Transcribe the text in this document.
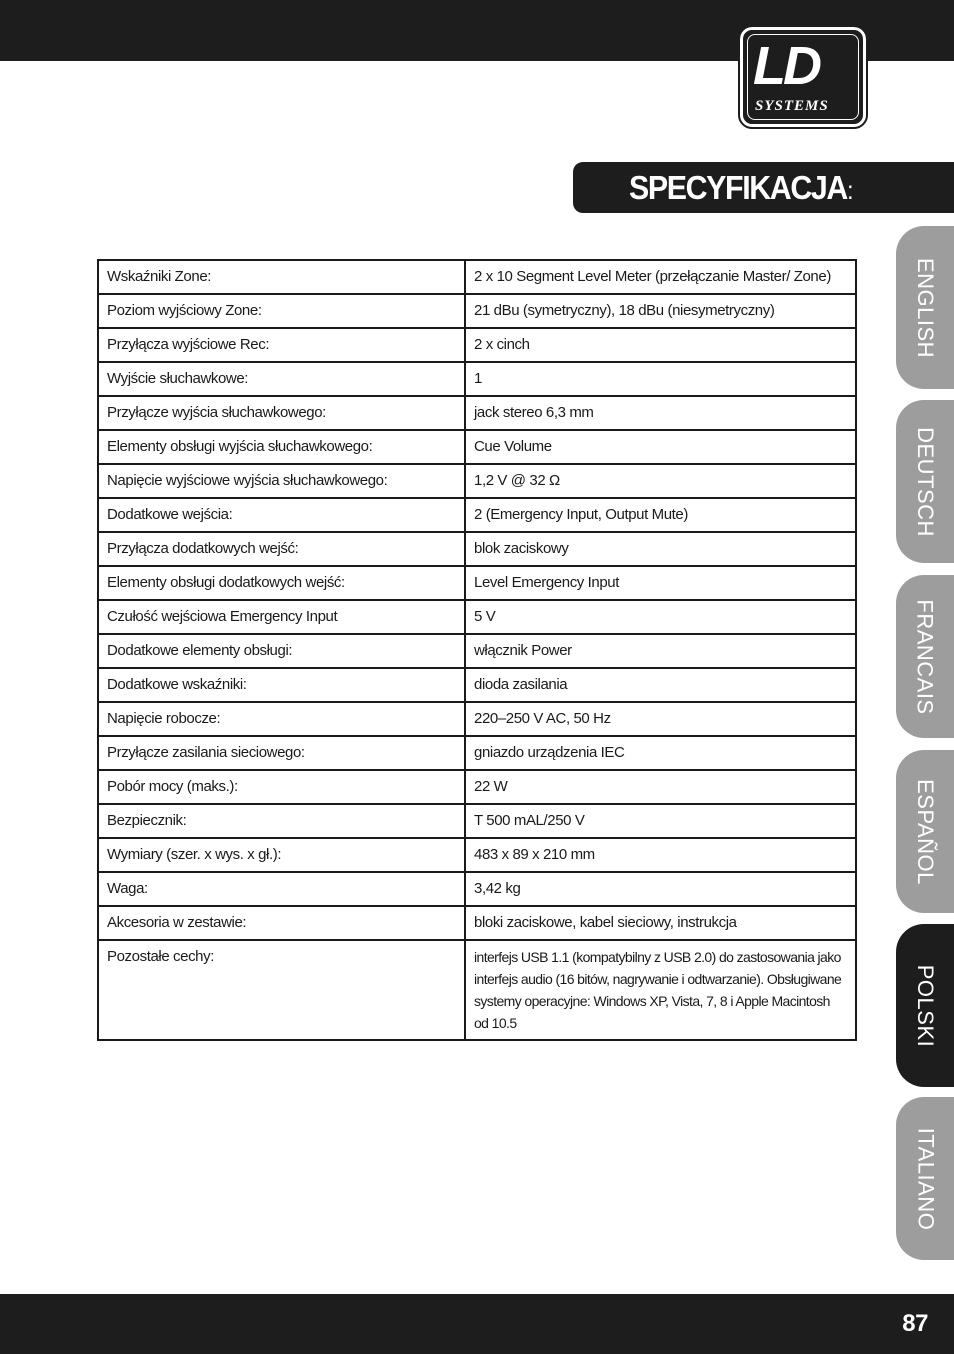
LD
SYSTEMS
SPECYFIKACJA:
ENGLISH
DEUTSCH
FRANCAIS
ESPAÑOL
POLSKI
ITALIANO
Wskaźniki Zone:	2 x 10 Segment Level Meter (przełączanie Master/ Zone)
Poziom wyjściowy Zone:	21 dBu (symetryczny), 18 dBu (niesymetryczny)
Przyłącza wyjściowe Rec:	2 x cinch
Wyjście słuchawkowe:	1
Przyłącze wyjścia słuchawkowego:	jack stereo 6,3 mm
Elementy obsługi wyjścia słuchawkowego:	Cue Volume
Napięcie wyjściowe wyjścia słuchawkowego:	1,2 V @ 32 Ω
Dodatkowe wejścia:	2 (Emergency Input, Output Mute)
Przyłącza dodatkowych wejść:	blok zaciskowy
Elementy obsługi dodatkowych wejść:	Level Emergency Input
Czułość wejściowa Emergency Input	5 V
Dodatkowe elementy obsługi:	włącznik Power
Dodatkowe wskaźniki:	dioda zasilania
Napięcie robocze:	220–250 V AC, 50 Hz
Przyłącze zasilania sieciowego:	gniazdo urządzenia IEC
Pobór mocy (maks.):	22 W
Bezpiecznik:	T 500 mAL/250 V
Wymiary (szer. x wys. x gł.):	483 x 89 x 210 mm
Waga:	3,42 kg
Akcesoria w zestawie:	bloki zaciskowe, kabel sieciowy, instrukcja
Pozostałe cechy:	interfejs USB 1.1 (kompatybilny z USB 2.0) do zastosowania jako interfejs audio (16 bitów, nagrywanie i odtwarzanie). Obsługiwane systemy operacyjne: Windows XP, Vista, 7, 8 i Apple Macintosh od 10.5
87
